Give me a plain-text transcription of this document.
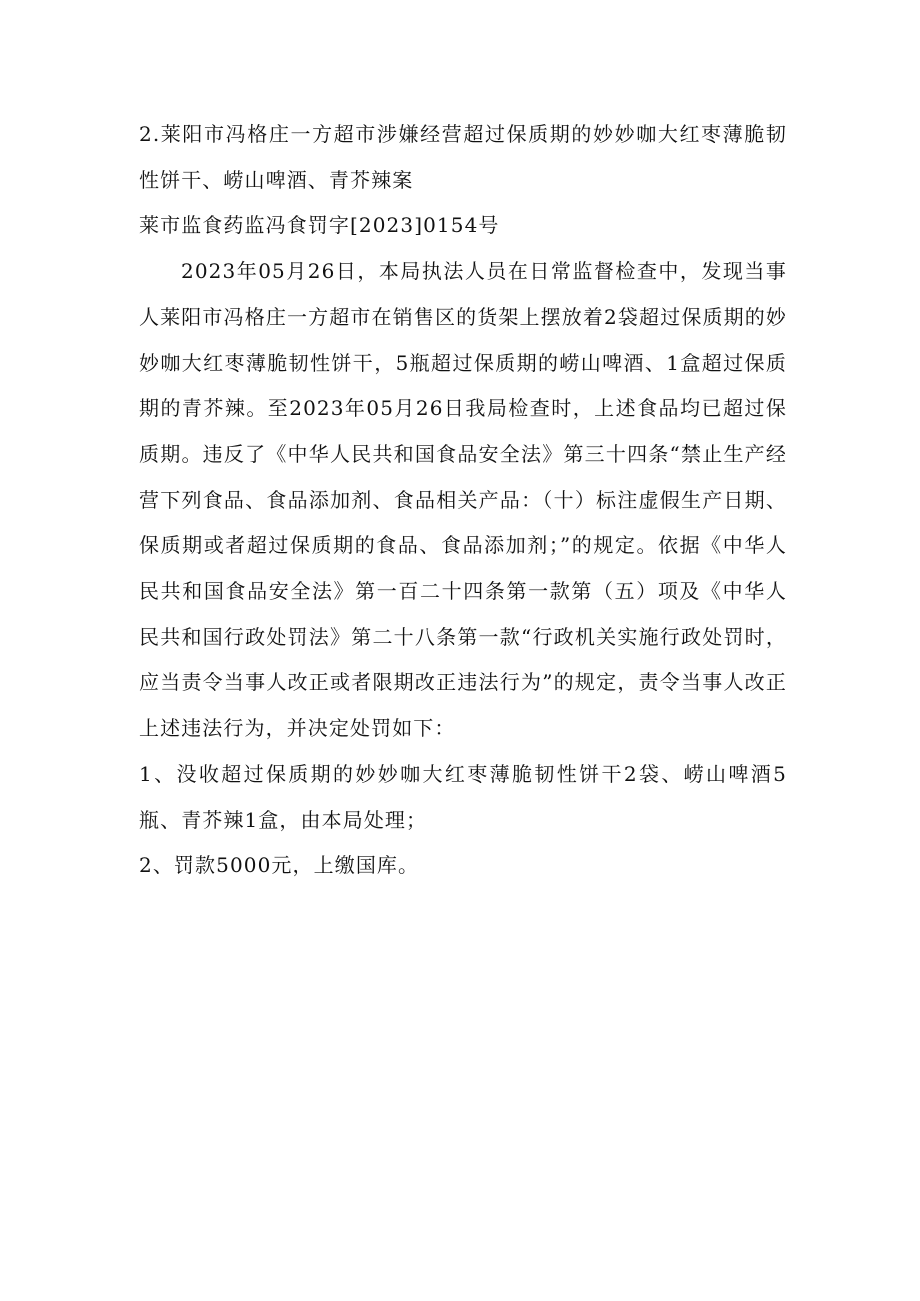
2.莱阳市冯格庄一方超市涉嫌经营超过保质期的妙妙咖大红枣薄脆韧性饼干、崂山啤酒、青芥辣案

莱市监食药监冯食罚字[2023]0154号

2023年05月26日，本局执法人员在日常监督检查中，发现当事人莱阳市冯格庄一方超市在销售区的货架上摆放着2袋超过保质期的妙妙咖大红枣薄脆韧性饼干，5瓶超过保质期的崂山啤酒、1盒超过保质期的青芥辣。至2023年05月26日我局检查时，上述食品均已超过保质期。违反了《中华人民共和国食品安全法》第三十四条“禁止生产经营下列食品、食品添加剂、食品相关产品：（十）标注虚假生产日期、保质期或者超过保质期的食品、食品添加剂；”的规定。依据《中华人民共和国食品安全法》第一百二十四条第一款第（五）项及《中华人民共和国行政处罚法》第二十八条第一款“行政机关实施行政处罚时，应当责令当事人改正或者限期改正违法行为”的规定，责令当事人改正上述违法行为，并决定处罚如下：

1、没收超过保质期的妙妙咖大红枣薄脆韧性饼干2袋、崂山啤酒5瓶、青芥辣1盒，由本局处理；

2、罚款5000元，上缴国库。
